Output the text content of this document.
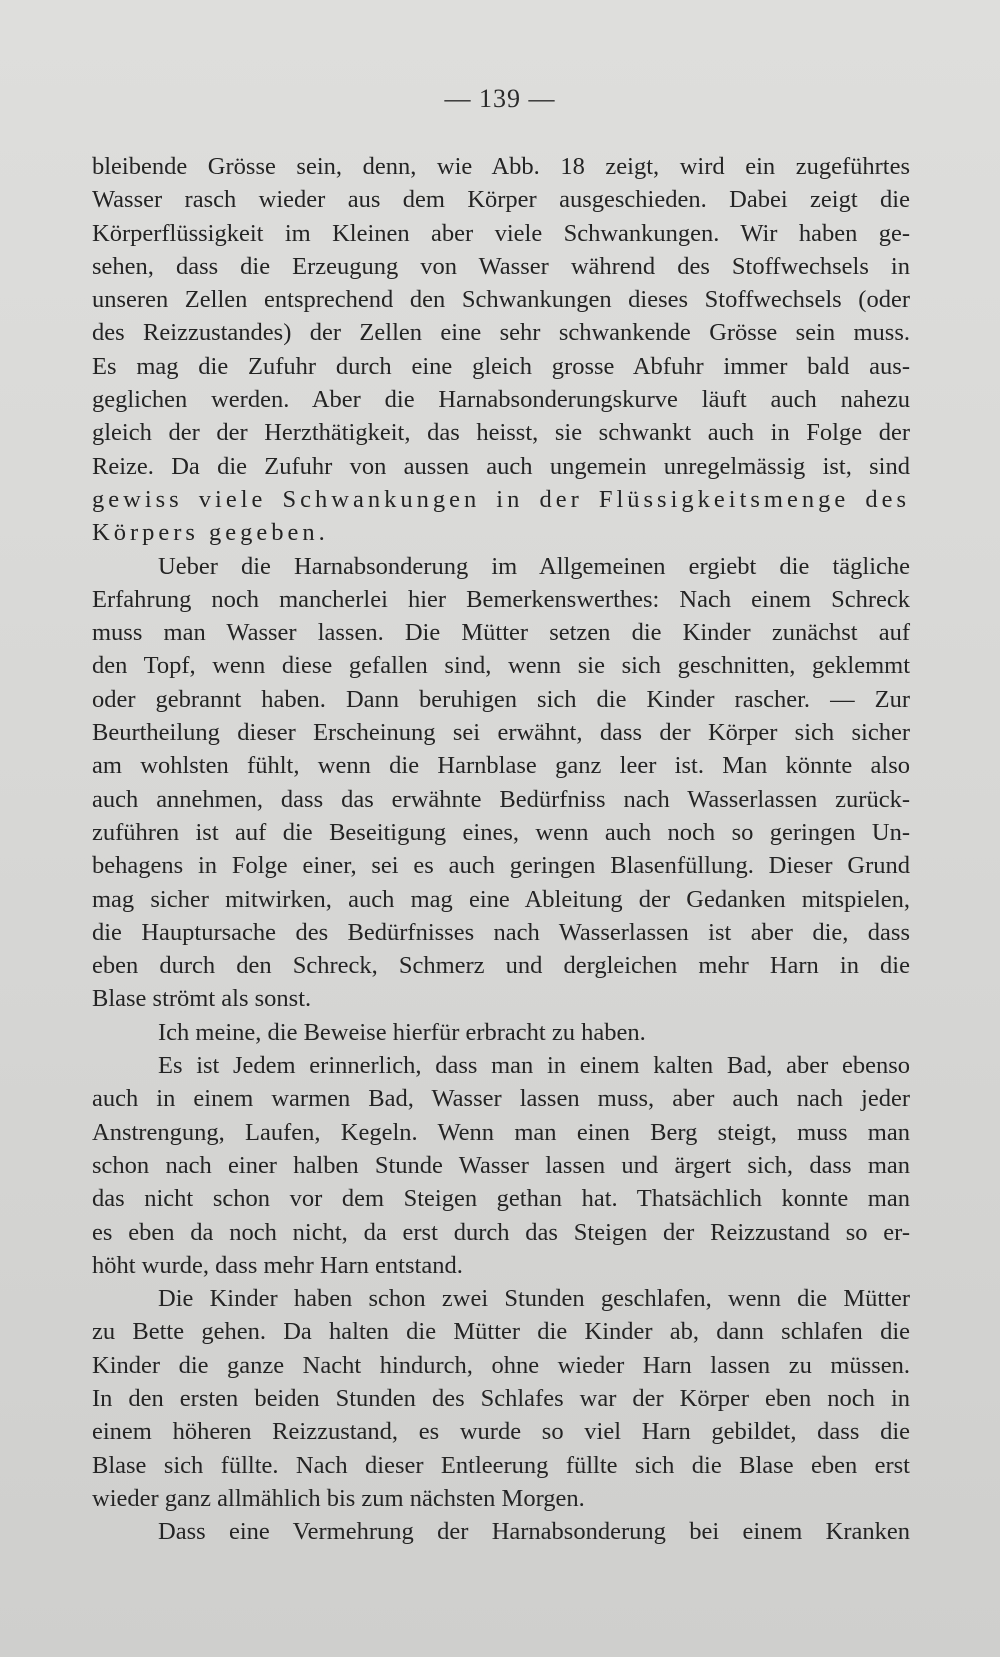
— 139 —
bleibende Grösse sein, denn, wie Abb. 18 zeigt, wird ein zugeführtes
Wasser rasch wieder aus dem Körper ausgeschieden. Dabei zeigt die
Körperflüssigkeit im Kleinen aber viele Schwankungen. Wir haben ge-
sehen, dass die Erzeugung von Wasser während des Stoffwechsels in
unseren Zellen entsprechend den Schwankungen dieses Stoffwechsels (oder
des Reizzustandes) der Zellen eine sehr schwankende Grösse sein muss.
Es mag die Zufuhr durch eine gleich grosse Abfuhr immer bald aus-
geglichen werden. Aber die Harnabsonderungskurve läuft auch nahezu
gleich der der Herzthätigkeit, das heisst, sie schwankt auch in Folge der
Reize. Da die Zufuhr von aussen auch ungemein unregelmässig ist, sind
gewiss viele Schwankungen in der Flüssigkeitsmenge des
Körpers gegeben.
Ueber die Harnabsonderung im Allgemeinen ergiebt die tägliche
Erfahrung noch mancherlei hier Bemerkenswerthes: Nach einem Schreck
muss man Wasser lassen. Die Mütter setzen die Kinder zunächst auf
den Topf, wenn diese gefallen sind, wenn sie sich geschnitten, geklemmt
oder gebrannt haben. Dann beruhigen sich die Kinder rascher. — Zur
Beurtheilung dieser Erscheinung sei erwähnt, dass der Körper sich sicher
am wohlsten fühlt, wenn die Harnblase ganz leer ist. Man könnte also
auch annehmen, dass das erwähnte Bedürfniss nach Wasserlassen zurück-
zuführen ist auf die Beseitigung eines, wenn auch noch so geringen Un-
behagens in Folge einer, sei es auch geringen Blasenfüllung. Dieser Grund
mag sicher mitwirken, auch mag eine Ableitung der Gedanken mitspielen,
die Hauptursache des Bedürfnisses nach Wasserlassen ist aber die, dass
eben durch den Schreck, Schmerz und dergleichen mehr Harn in die
Blase strömt als sonst.
Ich meine, die Beweise hierfür erbracht zu haben.
Es ist Jedem erinnerlich, dass man in einem kalten Bad, aber ebenso
auch in einem warmen Bad, Wasser lassen muss, aber auch nach jeder
Anstrengung, Laufen, Kegeln. Wenn man einen Berg steigt, muss man
schon nach einer halben Stunde Wasser lassen und ärgert sich, dass man
das nicht schon vor dem Steigen gethan hat. Thatsächlich konnte man
es eben da noch nicht, da erst durch das Steigen der Reizzustand so er-
höht wurde, dass mehr Harn entstand.
Die Kinder haben schon zwei Stunden geschlafen, wenn die Mütter
zu Bette gehen. Da halten die Mütter die Kinder ab, dann schlafen die
Kinder die ganze Nacht hindurch, ohne wieder Harn lassen zu müssen.
In den ersten beiden Stunden des Schlafes war der Körper eben noch in
einem höheren Reizzustand, es wurde so viel Harn gebildet, dass die
Blase sich füllte. Nach dieser Entleerung füllte sich die Blase eben erst
wieder ganz allmählich bis zum nächsten Morgen.
Dass eine Vermehrung der Harnabsonderung bei einem Kranken
